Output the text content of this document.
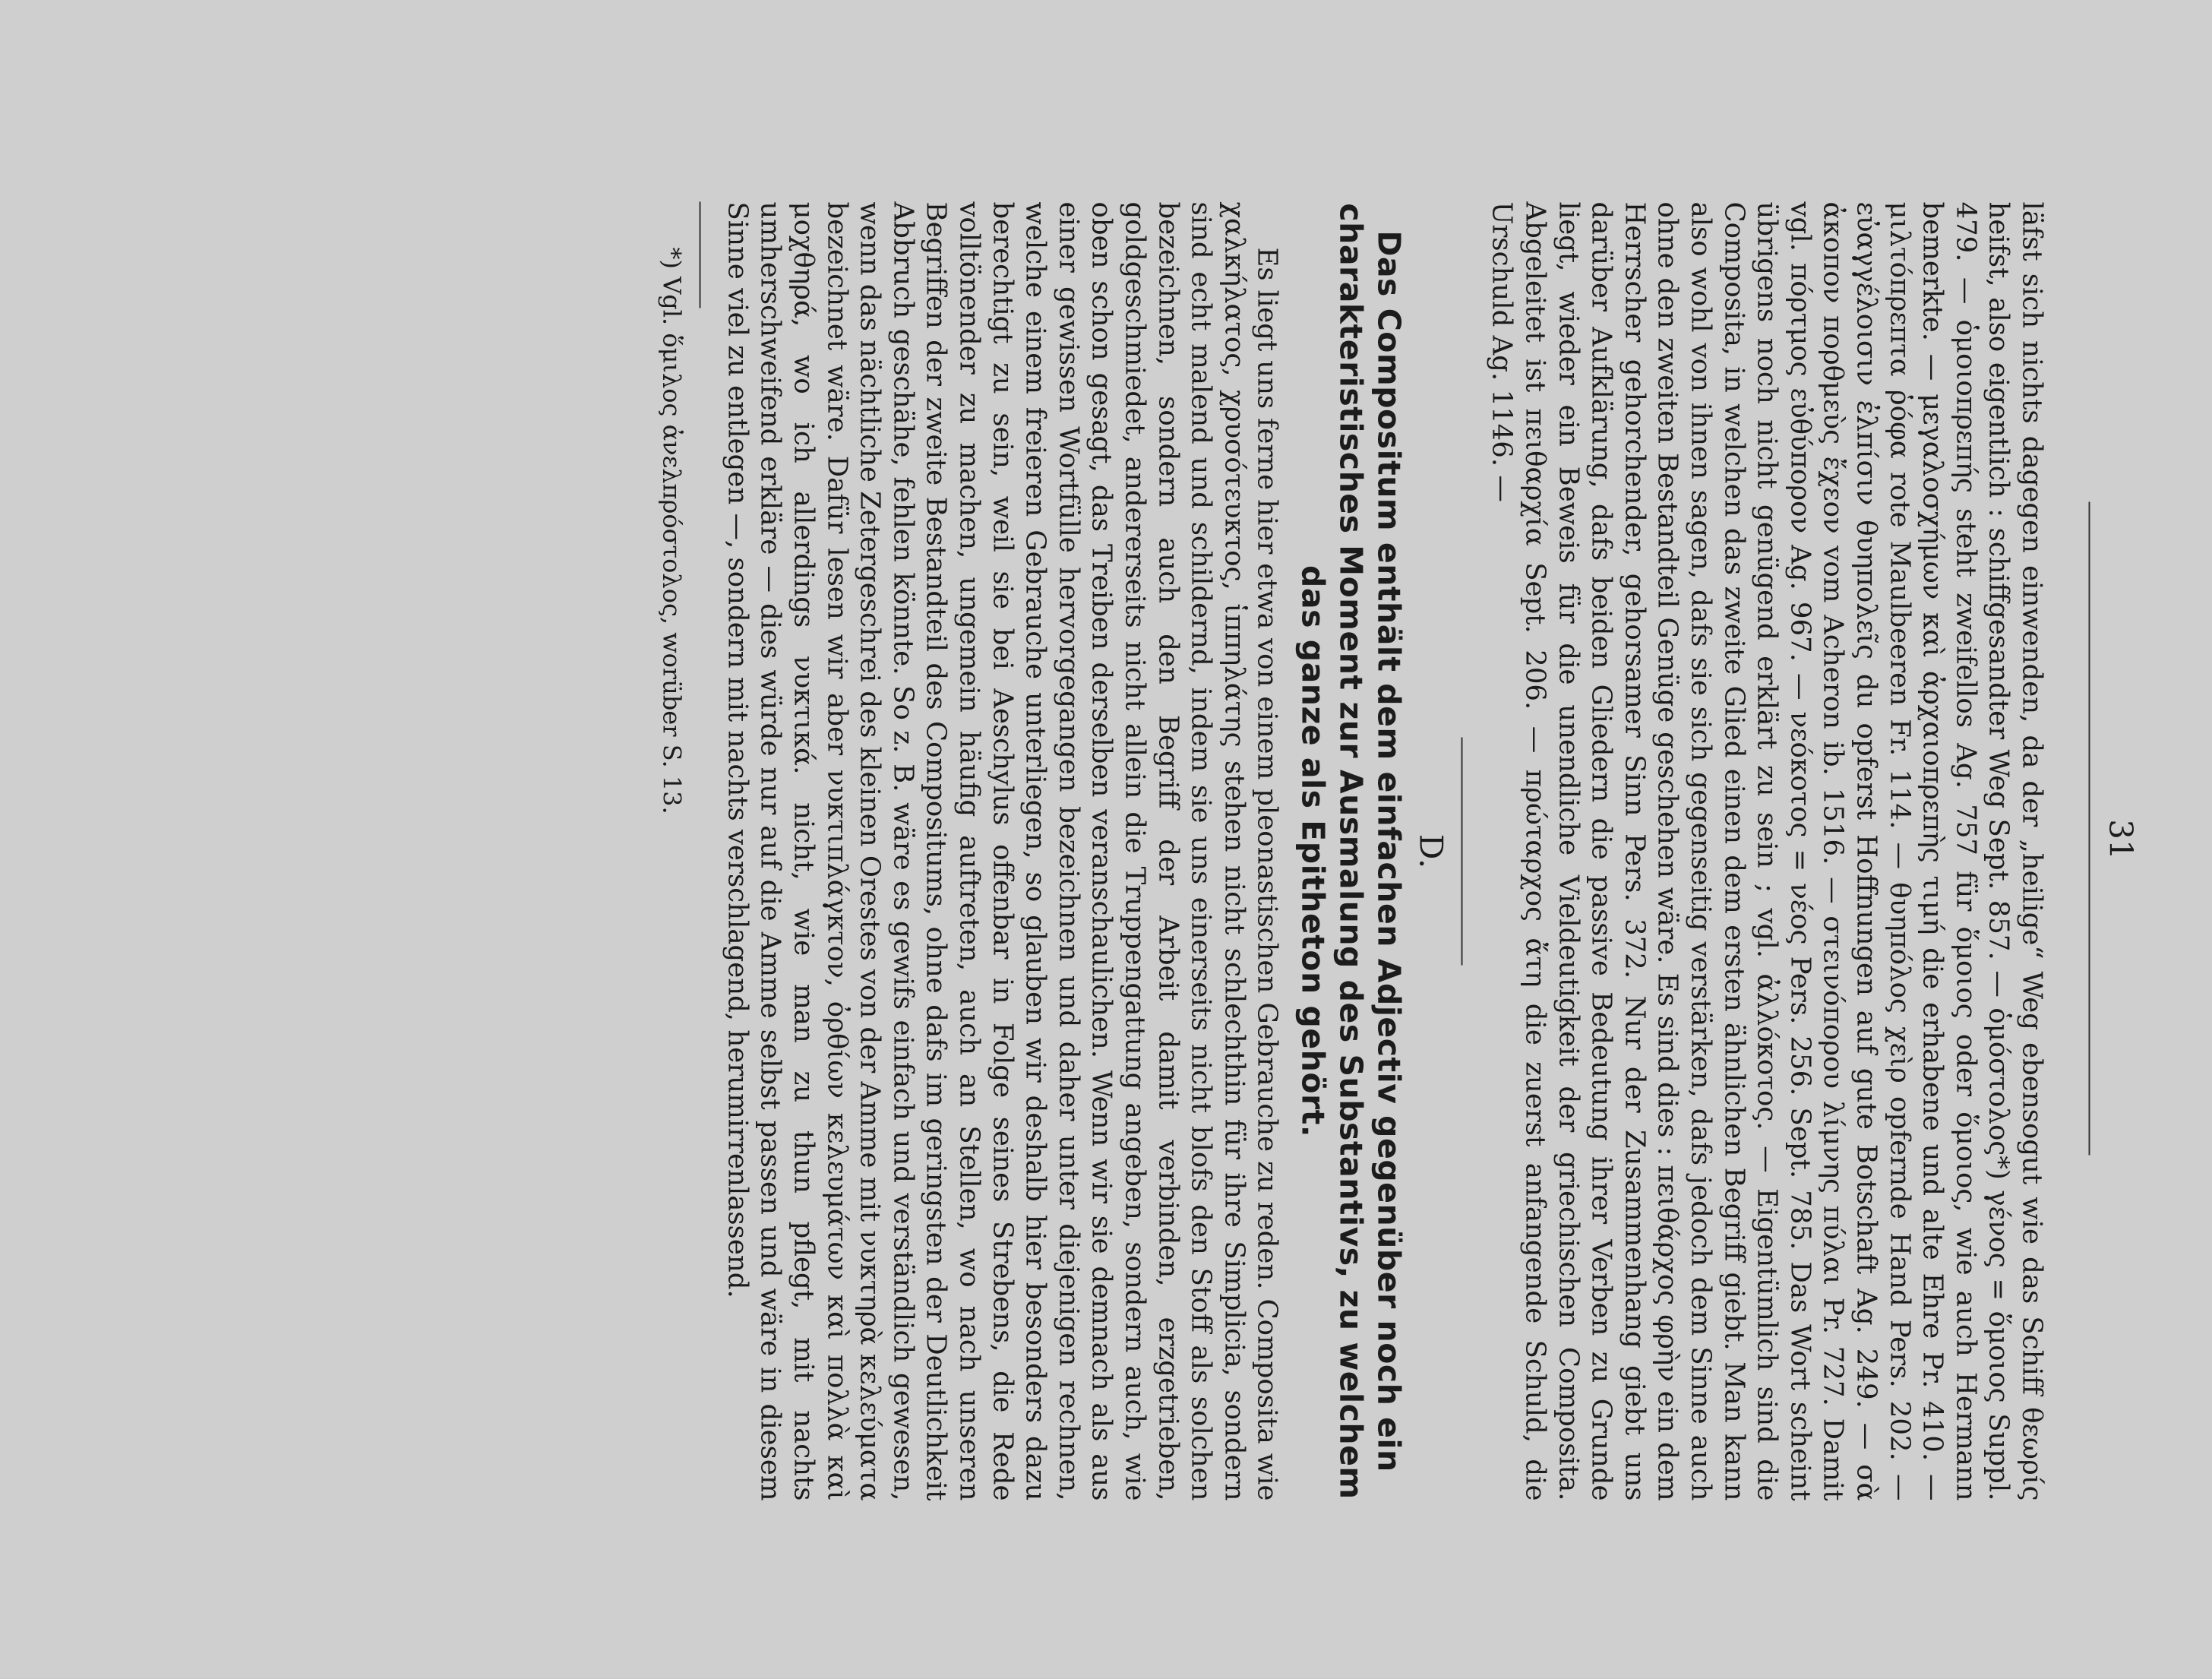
31

läfst sich nichts dagegen einwenden, da der „heilige“ Weg ebensogut wie das Schiff θεωρίς heifst, also eigentlich : schiffgesandter Weg Sept. 857. — ὁμόστολος*) γένος = ὅμοιος Suppl. 479. — ὁμοιοπρεπής steht zweifellos Ag. 757 für ὅμοιος oder ὅμοιος, wie auch Hermann bemerkte. — μεγαλοσχήμων καὶ ἀρχαιοπρεπὴς τιμή die erhabene und alte Ehre Pr. 410. — μιλτόπρεπτα ῥόφα rote Maulbeeren Fr. 114. — θυηπόλος χεὶρ opfernde Hand Pers. 202. — εὐαγγέλοισιν ἐλπίσιν θυηπολεῖς du opferst Hoffnungen auf gute Botschaft Ag. 249. — σὰ ἀκοπον πορθμεὺς ἔχεον vom Acheron ib. 1516. — στεινόπορου λίμνης πύλαι Pr. 727. Damit vgl. πόρτμος εὐθύπορον Ag. 967. — νεόκοτος = νέος Pers. 256. Sept. 785. Das Wort scheint übrigens noch nicht genügend erklärt zu sein ; vgl. ἀλλόκοτος. — Eigentümlich sind die Composita, in welchen das zweite Glied einen dem ersten ähnlichen Begriff giebt. Man kann also wohl von ihnen sagen, dafs sie sich gegenseitig verstärken, dafs jedoch dem Sinne auch ohne den zweiten Bestandteil Genüge geschehen wäre. Es sind dies : πειθάρχος φρὴν ein dem Herrscher gehorchender, gehorsamer Sinn Pers. 372. Nur der Zusammenhang giebt uns darüber Aufklärung, dafs beiden Gliedern die passive Bedeutung ihrer Verben zu Grunde liegt, wieder ein Beweis für die unendliche Vieldeutigkeit der griechischen Composita. Abgeleitet ist πειθαρχία Sept. 206. — πρώταρχος ἄτη die zuerst anfangende Schuld, die Urschuld Ag. 1146. —

D.
Das Compositum enthält dem einfachen Adjectiv gegenüber noch ein charakteristisches Moment zur Ausmalung des Substantivs, zu welchem das ganze als Epitheton gehört.

Es liegt uns ferne hier etwa von einem pleonastischen Gebrauche zu reden. Composita wie χαλκήλατος, χρυσότευκτος, ἱππηλάτης stehen nicht schlechthin für ihre Simplicia, sondern sind echt malend und schildernd, indem sie uns einerseits nicht blofs den Stoff als solchen bezeichnen, sondern auch den Begriff der Arbeit damit verbinden, erzgetrieben, goldgeschmiedet, andererseits nicht allein die Truppengattung angeben, sondern auch, wie oben schon gesagt, das Treiben derselben veranschaulichen. Wenn wir sie demnach als aus einer gewissen Wortfülle hervorgegangen bezeichnen und daher unter diejenigen rechnen, welche einem freieren Gebrauche unterliegen, so glauben wir deshalb hier besonders dazu berechtigt zu sein, weil sie bei Aeschylus offenbar in Folge seines Strebens, die Rede volltönender zu machen, ungemein häufig auftreten, auch an Stellen, wo nach unseren Begriffen der zweite Bestandteil des Compositums, ohne dafs im geringsten der Deutlichkeit Abbruch geschähe, fehlen könnte. So z. B. wäre es gewifs einfach und verständlich gewesen, wenn das nächtliche Zetergeschrei des kleinen Orestes von der Amme mit νυκτηρὰ κελεύματα bezeichnet wäre. Dafür lesen wir aber νυκτιπλάγκτον, ὀρθίων κελευμάτων καὶ πολλὰ καὶ μοχθηρά, wo ich allerdings νυκτικά. nicht, wie man zu thun pflegt, mit nachts umherschweifend erkläre — dies würde nur auf die Amme selbst passen und wäre in diesem Sinne viel zu entlegen —, sondern mit nachts verschlagend, herumirrenlassend.

*) Vgl. ὅμιλος ἀνελπρόστολος, worüber S. 13.
